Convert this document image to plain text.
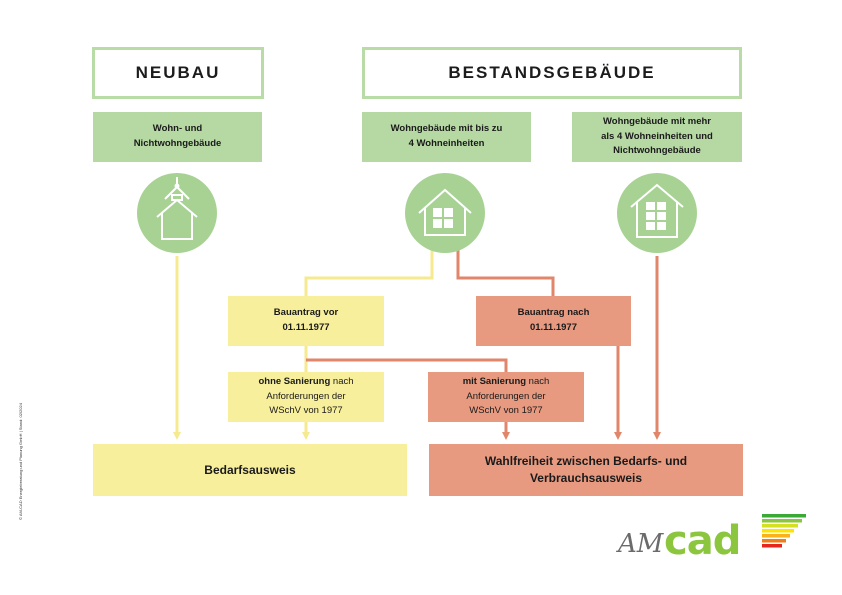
NEUBAU	BESTANDSGEBÄUDE
Wohn- und
Nichtwohngebäude
Wohngebäude mit bis zu
4 Wohneinheiten
Wohngebäude mit mehr
als 4 Wohneinheiten und
Nichtwohngebäude
Bauantrag vor
01.11.1977
Bauantrag nach
01.11.1977
ohne Sanierung nach
Anforderungen der
WSchV von 1977
mit Sanierung nach
Anforderungen der
WSchV von 1977
Bedarfsausweis
Wahlfreiheit zwischen Bedarfs- und
Verbrauchsausweis
© AM-CAD Energieberatung und Planung GmbH | Stand: 02/2024
AM cad
